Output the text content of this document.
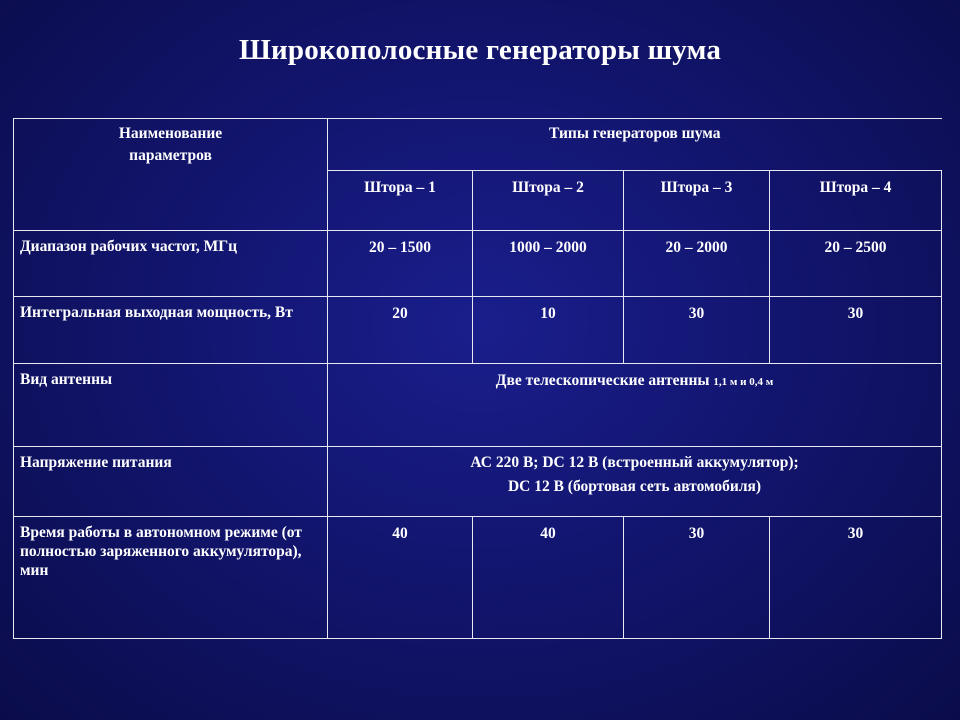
Широкополосные генераторы шума
Наименование
параметров	Типы генераторов шума			
	Штора – 1	Штора – 2	Штора – 3	Штора – 4
Диапазон рабочих частот, МГц	20 – 1500	1000 – 2000	20 – 2000	20 – 2500
Интегральная выходная мощность, Вт	20	10	30	30
Вид антенны	Две телескопические антенны 1,1 м и 0,4 м			
Напряжение питания	АС 220 В; DC 12 В (встроенный аккумулятор);
DC 12 В (бортовая сеть автомобиля)			

Время работы в автономном режиме (от полностью заряженного аккумулятора), мин	40	40	30	30
